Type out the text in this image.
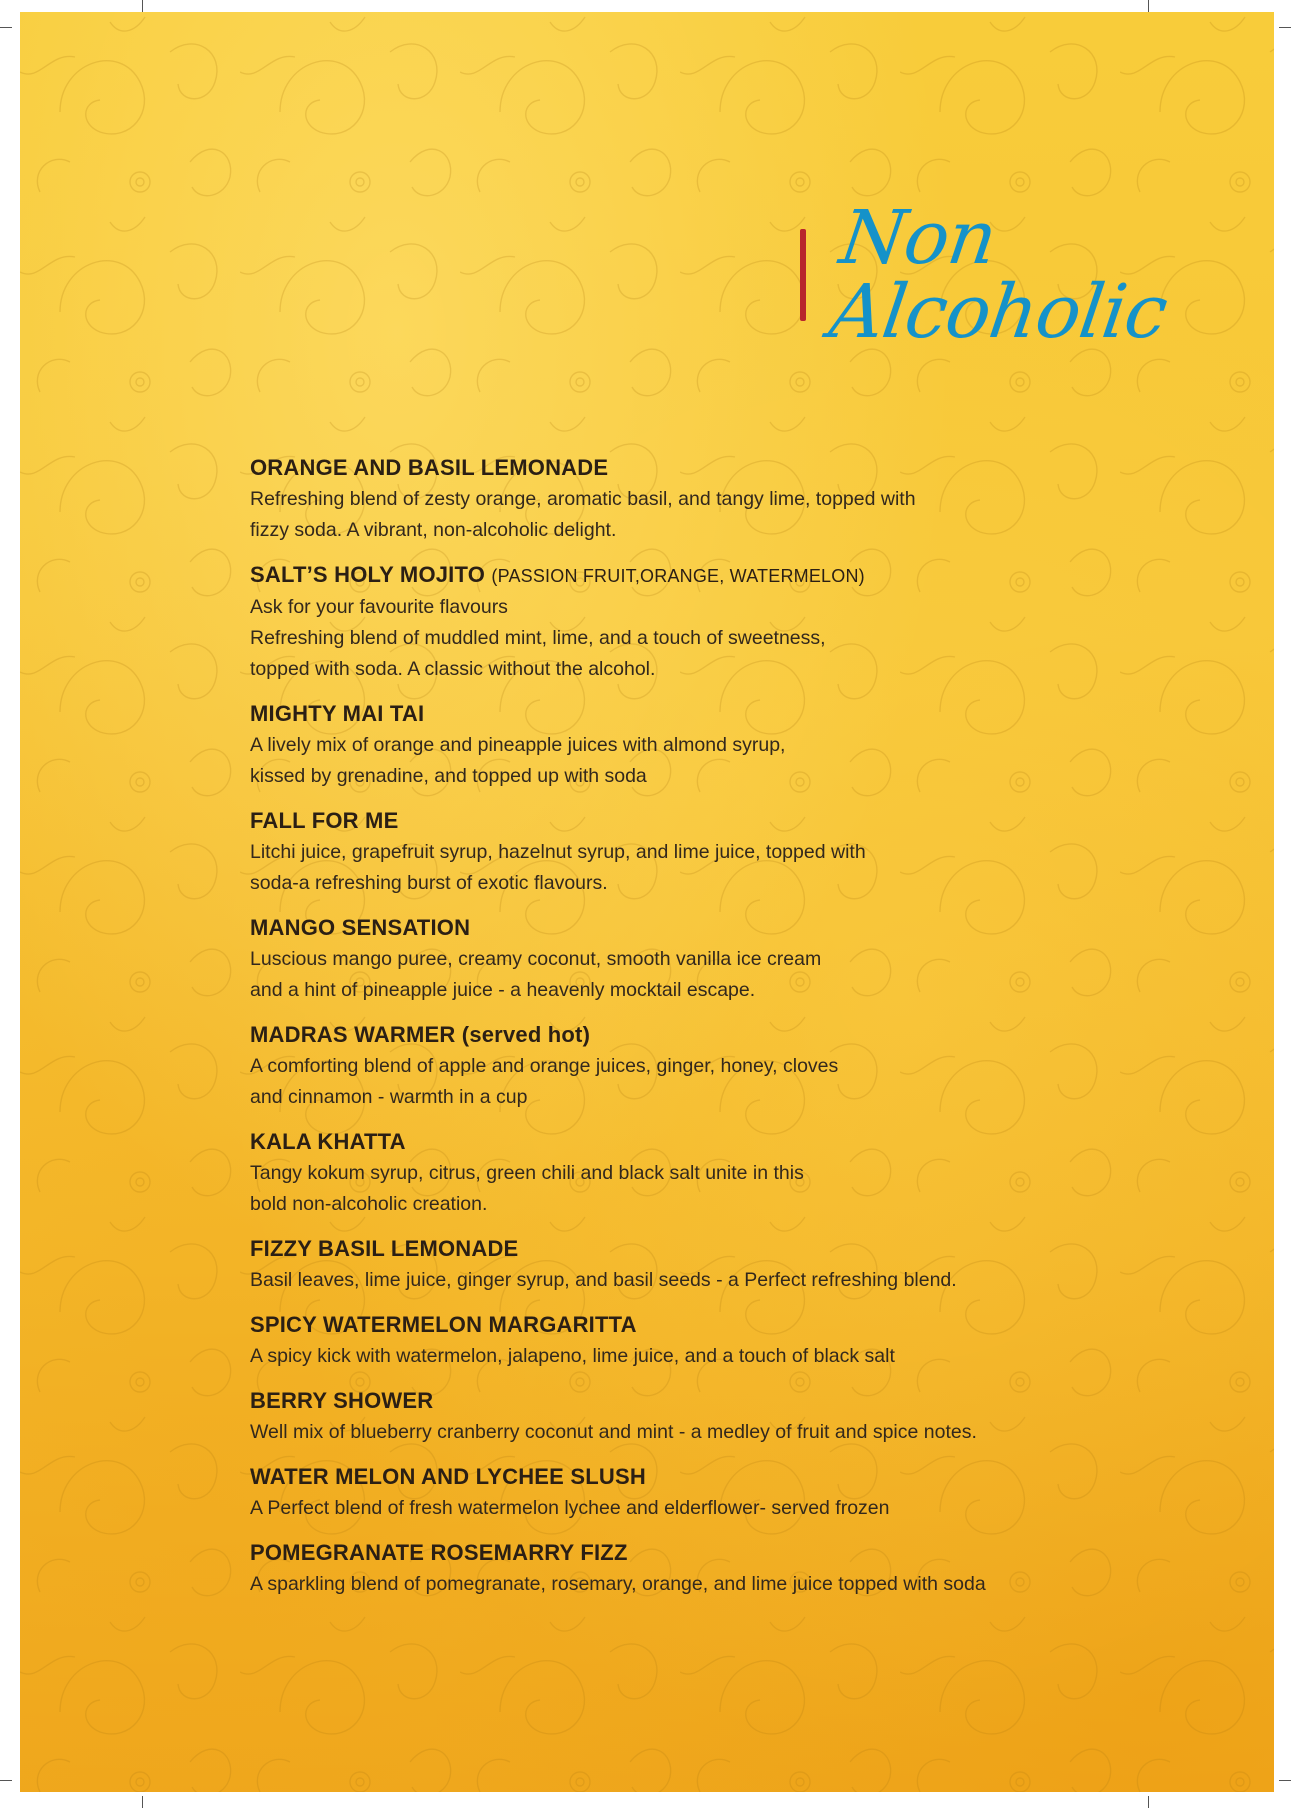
Non Alcoholic
ORANGE AND BASIL LEMONADE
Refreshing blend of zesty orange, aromatic basil, and tangy lime, topped with
fizzy soda. A vibrant, non-alcoholic delight.
SALT’S HOLY MOJITO (PASSION FRUIT,ORANGE, WATERMELON)
Ask for your favourite flavours
Refreshing blend of muddled mint, lime, and a touch of sweetness,
topped with soda. A classic without the alcohol.
MIGHTY MAI TAI
A lively mix of orange and pineapple juices with almond syrup,
kissed by grenadine, and topped up with soda
FALL FOR ME
Litchi juice, grapefruit syrup, hazelnut syrup, and lime juice, topped with
soda-a refreshing burst of exotic flavours.
MANGO SENSATION
Luscious mango puree, creamy coconut, smooth vanilla ice cream
and a hint of pineapple juice - a heavenly mocktail escape.
MADRAS WARMER (served hot)
A comforting blend of apple and orange juices, ginger, honey, cloves
and cinnamon - warmth in a cup
KALA KHATTA
Tangy kokum syrup, citrus, green chili and black salt unite in this
bold non-alcoholic creation.
FIZZY BASIL LEMONADE
Basil leaves, lime juice, ginger syrup, and basil seeds - a Perfect refreshing blend.
SPICY WATERMELON MARGARITTA
A spicy kick with watermelon, jalapeno, lime juice, and a touch of black salt
BERRY SHOWER
Well mix of blueberry cranberry coconut and mint - a medley of fruit and spice notes.
WATER MELON AND LYCHEE SLUSH
A Perfect blend of fresh watermelon lychee and elderflower- served frozen
POMEGRANATE ROSEMARRY FIZZ
A sparkling blend of pomegranate, rosemary, orange, and lime juice topped with soda
